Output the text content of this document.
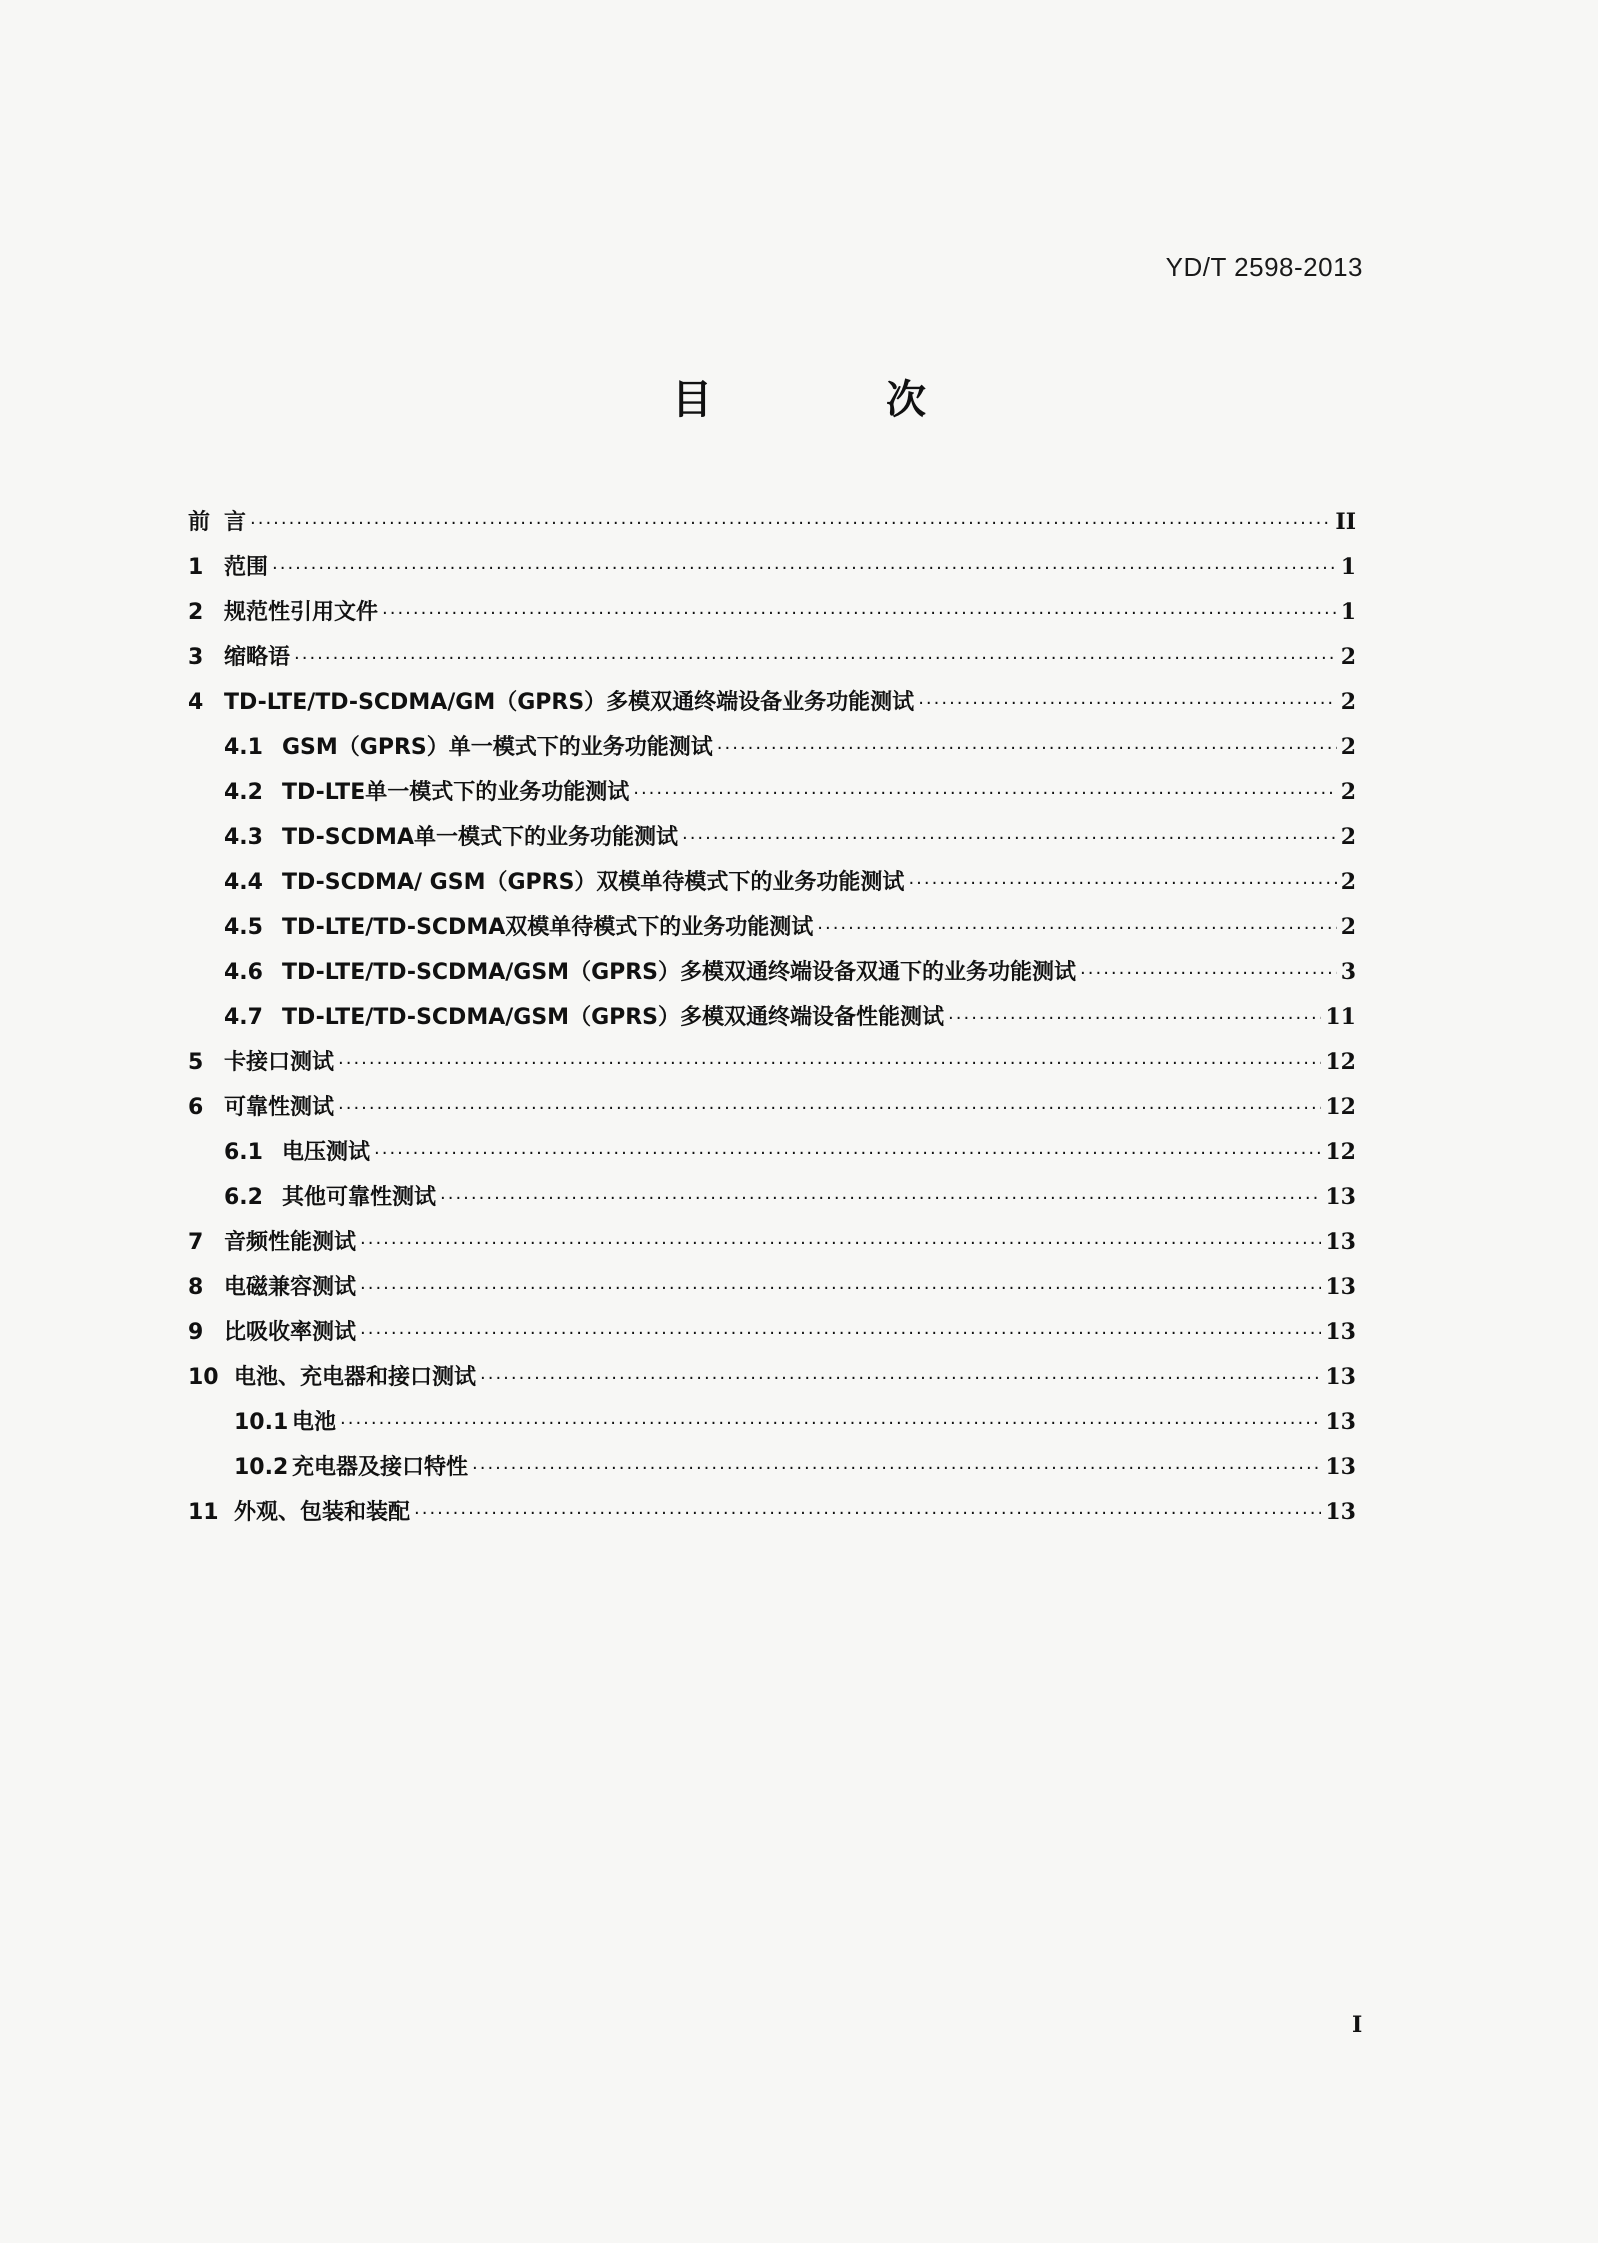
YD/T 2598-2013
目 次
前 言 ·····	II
1 范围 ·····	1
2 规范性引用文件 ·····	1
3 缩略语 ·····	2
4 TD-LTE/TD-SCDMA/GM（GPRS）多模双通终端设备业务功能测试 ·····	2
4.1 GSM（GPRS）单一模式下的业务功能测试 ·····	2
4.2 TD-LTE单一模式下的业务功能测试 ·····	2
4.3 TD-SCDMA单一模式下的业务功能测试 ·····	2
4.4 TD-SCDMA/ GSM（GPRS）双模单待模式下的业务功能测试 ·····	2
4.5 TD-LTE/TD-SCDMA双模单待模式下的业务功能测试 ·····	2
4.6 TD-LTE/TD-SCDMA/GSM（GPRS）多模双通终端设备双通下的业务功能测试 ·····	3
4.7 TD-LTE/TD-SCDMA/GSM（GPRS）多模双通终端设备性能测试 ·····	11
5 卡接口测试 ·····	12
6 可靠性测试 ·····	12
6.1 电压测试 ·····	12
6.2 其他可靠性测试 ·····	13
7 音频性能测试 ·····	13
8 电磁兼容测试 ·····	13
9 比吸收率测试 ·····	13
10 电池、充电器和接口测试 ·····	13
10.1 电池 ·····	13
10.2 充电器及接口特性 ·····	13
11 外观、包装和装配 ·····	13
I
